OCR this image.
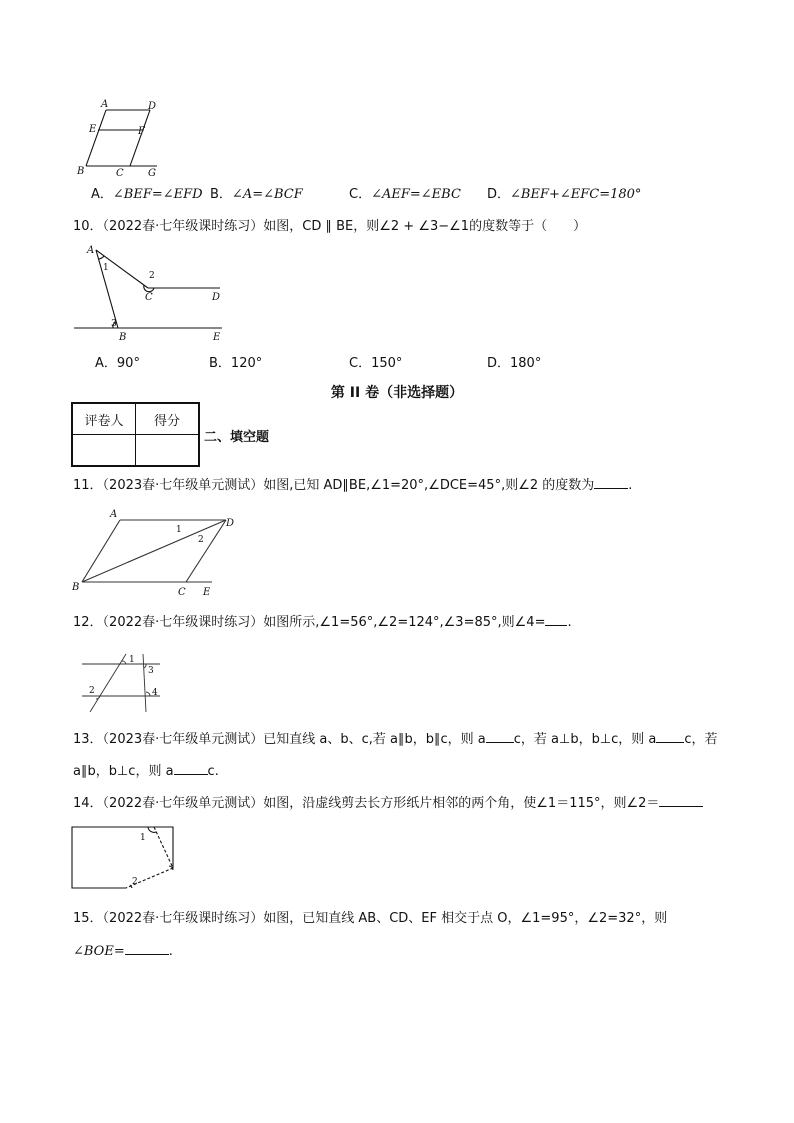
A	D
E	F
B	C G
A．∠BEF=∠EFD B．∠A=∠BCF	C．∠AEF=∠EBC D．∠BEF+∠EFC=180°
10．（2022春·七年级课时练习）如图，CD ∥ BE，则∠2 + ∠3−∠1的度数等于（　　）
A
1
2
C	D
3
B	E
A．90°	B．120°	C．150°	D．180°
第 II 卷（非选择题）
评卷人	得分

二、填空题
11．（2023春·七年级单元测试）如图,已知 AD∥BE,∠1=20°,∠DCE=45°,则∠2 的度数为	.
A
D
1
2
B	C E
12．（2022春·七年级课时练习）如图所示,∠1=56°,∠2=124°,∠3=85°,则∠4= .
1
3
2	4
13．（2023春·七年级单元测试）已知直线 a、b、c,若 a∥b，b∥c，则 a c，若 a⊥b，b⊥c，则 a c，若
a∥b，b⊥c，则 a	c.
14．（2022春·七年级单元测试）如图，沿虚线剪去长方形纸片相邻的两个角，使∠1＝115°，则∠2＝
1
2
15．（2022春·七年级课时练习）如图，已知直线 AB、CD、EF 相交于点 O，∠1=95°，∠2=32°，则
∠BOE=	.
